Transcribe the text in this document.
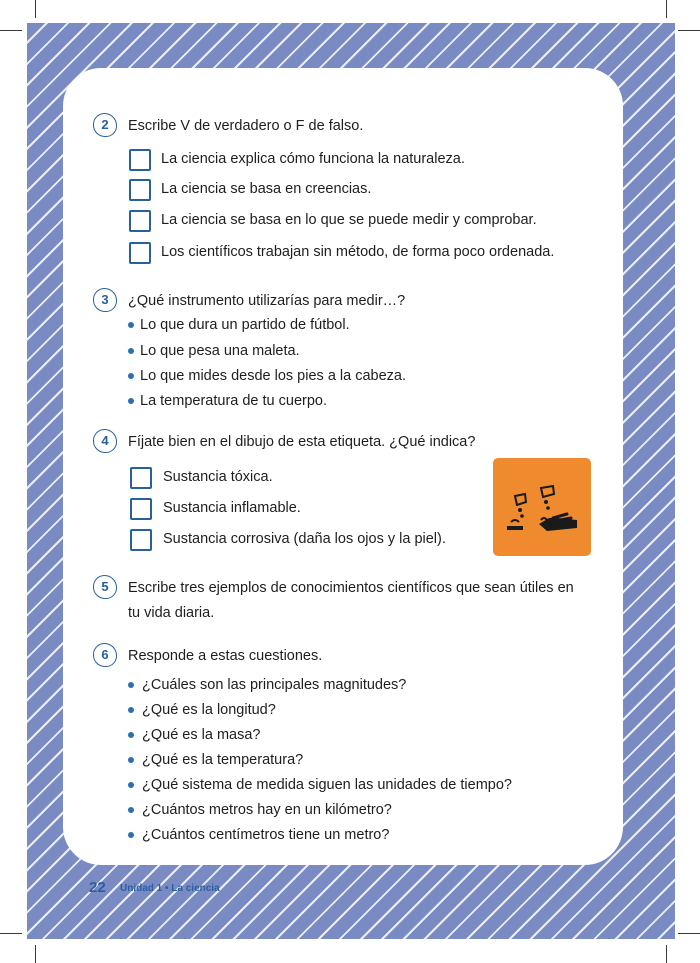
2	Escribe V de verdadero o F de falso.
La ciencia explica cómo funciona la naturaleza.
La ciencia se basa en creencias.
La ciencia se basa en lo que se puede medir y comprobar.
Los científicos trabajan sin método, de forma poco ordenada.
3	¿Qué instrumento utilizarías para medir…?
Lo que dura un partido de fútbol.
Lo que pesa una maleta.
Lo que mides desde los pies a la cabeza.
La temperatura de tu cuerpo.
4	Fíjate bien en el dibujo de esta etiqueta. ¿Qué indica?
Sustancia tóxica.
Sustancia inflamable.
Sustancia corrosiva (daña los ojos y la piel).
5	Escribe tres ejemplos de conocimientos científicos que sean útiles en
tu vida diaria.
6	Responde a estas cuestiones.
¿Cuáles son las principales magnitudes?
¿Qué es la longitud?
¿Qué es la masa?
¿Qué es la temperatura?
¿Qué sistema de medida siguen las unidades de tiempo?
¿Cuántos metros hay en un kilómetro?
¿Cuántos centímetros tiene un metro?
22 Unidad 1 • La ciencia
